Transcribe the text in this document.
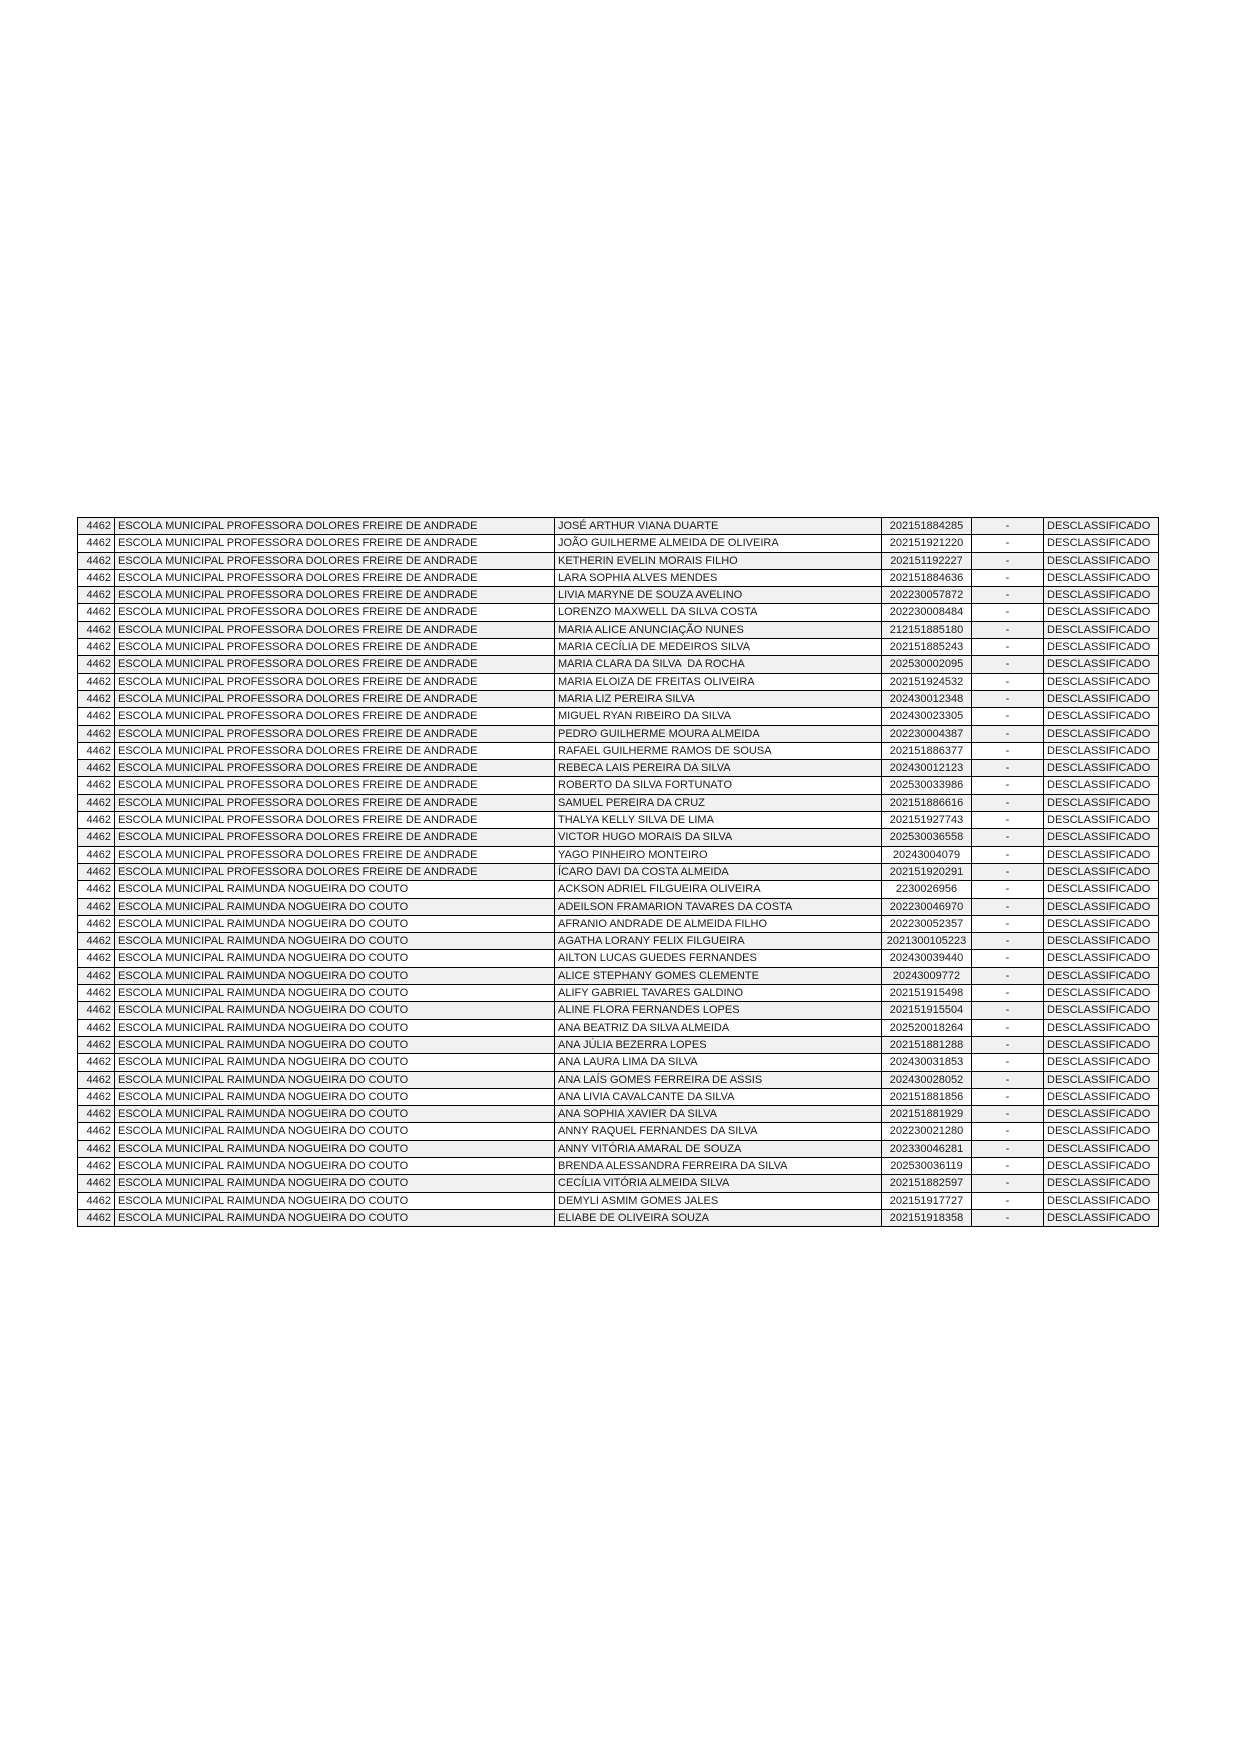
4462	ESCOLA MUNICIPAL PROFESSORA DOLORES FREIRE DE ANDRADE	JOSÉ ARTHUR VIANA DUARTE	202151884285	-	DESCLASSIFICADO
4462	ESCOLA MUNICIPAL PROFESSORA DOLORES FREIRE DE ANDRADE	JOÃO GUILHERME ALMEIDA DE OLIVEIRA	202151921220	-	DESCLASSIFICADO
4462	ESCOLA MUNICIPAL PROFESSORA DOLORES FREIRE DE ANDRADE	KETHERIN EVELIN MORAIS FILHO	202151192227	-	DESCLASSIFICADO
4462	ESCOLA MUNICIPAL PROFESSORA DOLORES FREIRE DE ANDRADE	LARA SOPHIA ALVES MENDES	202151884636	-	DESCLASSIFICADO
4462	ESCOLA MUNICIPAL PROFESSORA DOLORES FREIRE DE ANDRADE	LIVIA MARYNE DE SOUZA AVELINO	202230057872	-	DESCLASSIFICADO
4462	ESCOLA MUNICIPAL PROFESSORA DOLORES FREIRE DE ANDRADE	LORENZO MAXWELL DA SILVA COSTA	202230008484	-	DESCLASSIFICADO
4462	ESCOLA MUNICIPAL PROFESSORA DOLORES FREIRE DE ANDRADE	MARIA ALICE ANUNCIAÇÃO NUNES	212151885180	-	DESCLASSIFICADO
4462	ESCOLA MUNICIPAL PROFESSORA DOLORES FREIRE DE ANDRADE	MARIA CECÍLIA DE MEDEIROS SILVA	202151885243	-	DESCLASSIFICADO
4462	ESCOLA MUNICIPAL PROFESSORA DOLORES FREIRE DE ANDRADE	MARIA CLARA DA SILVA  DA ROCHA	202530002095	-	DESCLASSIFICADO
4462	ESCOLA MUNICIPAL PROFESSORA DOLORES FREIRE DE ANDRADE	MARIA ELOIZA DE FREITAS OLIVEIRA	202151924532	-	DESCLASSIFICADO
4462	ESCOLA MUNICIPAL PROFESSORA DOLORES FREIRE DE ANDRADE	MARIA LIZ PEREIRA SILVA	202430012348	-	DESCLASSIFICADO
4462	ESCOLA MUNICIPAL PROFESSORA DOLORES FREIRE DE ANDRADE	MIGUEL RYAN RIBEIRO DA SILVA	202430023305	-	DESCLASSIFICADO
4462	ESCOLA MUNICIPAL PROFESSORA DOLORES FREIRE DE ANDRADE	PEDRO GUILHERME MOURA ALMEIDA	202230004387	-	DESCLASSIFICADO
4462	ESCOLA MUNICIPAL PROFESSORA DOLORES FREIRE DE ANDRADE	RAFAEL GUILHERME RAMOS DE SOUSA	202151886377	-	DESCLASSIFICADO
4462	ESCOLA MUNICIPAL PROFESSORA DOLORES FREIRE DE ANDRADE	REBECA LAIS PEREIRA DA SILVA	202430012123	-	DESCLASSIFICADO
4462	ESCOLA MUNICIPAL PROFESSORA DOLORES FREIRE DE ANDRADE	ROBERTO DA SILVA FORTUNATO	202530033986	-	DESCLASSIFICADO
4462	ESCOLA MUNICIPAL PROFESSORA DOLORES FREIRE DE ANDRADE	SAMUEL PEREIRA DA CRUZ	202151886616	-	DESCLASSIFICADO
4462	ESCOLA MUNICIPAL PROFESSORA DOLORES FREIRE DE ANDRADE	THALYA KELLY SILVA DE LIMA	202151927743	-	DESCLASSIFICADO
4462	ESCOLA MUNICIPAL PROFESSORA DOLORES FREIRE DE ANDRADE	VICTOR HUGO MORAIS DA SILVA	202530036558	-	DESCLASSIFICADO
4462	ESCOLA MUNICIPAL PROFESSORA DOLORES FREIRE DE ANDRADE	YAGO PINHEIRO MONTEIRO	20243004079	-	DESCLASSIFICADO
4462	ESCOLA MUNICIPAL PROFESSORA DOLORES FREIRE DE ANDRADE	ÍCARO DAVI DA COSTA ALMEIDA	202151920291	-	DESCLASSIFICADO
4462	ESCOLA MUNICIPAL RAIMUNDA NOGUEIRA DO COUTO	ACKSON ADRIEL FILGUEIRA OLIVEIRA	2230026956	-	DESCLASSIFICADO
4462	ESCOLA MUNICIPAL RAIMUNDA NOGUEIRA DO COUTO	ADEILSON FRAMARION TAVARES DA COSTA	202230046970	-	DESCLASSIFICADO
4462	ESCOLA MUNICIPAL RAIMUNDA NOGUEIRA DO COUTO	AFRANIO ANDRADE DE ALMEIDA FILHO	202230052357	-	DESCLASSIFICADO
4462	ESCOLA MUNICIPAL RAIMUNDA NOGUEIRA DO COUTO	AGATHA LORANY FELIX FILGUEIRA	2021300105223	-	DESCLASSIFICADO
4462	ESCOLA MUNICIPAL RAIMUNDA NOGUEIRA DO COUTO	AILTON LUCAS GUEDES FERNANDES	202430039440	-	DESCLASSIFICADO
4462	ESCOLA MUNICIPAL RAIMUNDA NOGUEIRA DO COUTO	ALICE STEPHANY GOMES CLEMENTE	20243009772	-	DESCLASSIFICADO
4462	ESCOLA MUNICIPAL RAIMUNDA NOGUEIRA DO COUTO	ALIFY GABRIEL TAVARES GALDINO	202151915498	-	DESCLASSIFICADO
4462	ESCOLA MUNICIPAL RAIMUNDA NOGUEIRA DO COUTO	ALINE FLORA FERNANDES LOPES	202151915504	-	DESCLASSIFICADO
4462	ESCOLA MUNICIPAL RAIMUNDA NOGUEIRA DO COUTO	ANA BEATRIZ DA SILVA ALMEIDA	202520018264	-	DESCLASSIFICADO
4462	ESCOLA MUNICIPAL RAIMUNDA NOGUEIRA DO COUTO	ANA JÚLIA BEZERRA LOPES	202151881288	-	DESCLASSIFICADO
4462	ESCOLA MUNICIPAL RAIMUNDA NOGUEIRA DO COUTO	ANA LAURA LIMA DA SILVA	202430031853	-	DESCLASSIFICADO
4462	ESCOLA MUNICIPAL RAIMUNDA NOGUEIRA DO COUTO	ANA LAÍS GOMES FERREIRA DE ASSIS	202430028052	-	DESCLASSIFICADO
4462	ESCOLA MUNICIPAL RAIMUNDA NOGUEIRA DO COUTO	ANA LIVIA CAVALCANTE DA SILVA	202151881856	-	DESCLASSIFICADO
4462	ESCOLA MUNICIPAL RAIMUNDA NOGUEIRA DO COUTO	ANA SOPHIA XAVIER DA SILVA	202151881929	-	DESCLASSIFICADO
4462	ESCOLA MUNICIPAL RAIMUNDA NOGUEIRA DO COUTO	ANNY RAQUEL FERNANDES DA SILVA	202230021280	-	DESCLASSIFICADO
4462	ESCOLA MUNICIPAL RAIMUNDA NOGUEIRA DO COUTO	ANNY VITÓRIA AMARAL DE SOUZA	202330046281	-	DESCLASSIFICADO
4462	ESCOLA MUNICIPAL RAIMUNDA NOGUEIRA DO COUTO	BRENDA ALESSANDRA FERREIRA DA SILVA	202530036119	-	DESCLASSIFICADO
4462	ESCOLA MUNICIPAL RAIMUNDA NOGUEIRA DO COUTO	CECÍLIA VITÓRIA ALMEIDA SILVA	202151882597	-	DESCLASSIFICADO
4462	ESCOLA MUNICIPAL RAIMUNDA NOGUEIRA DO COUTO	DEMYLI ASMIM GOMES JALES	202151917727	-	DESCLASSIFICADO
4462	ESCOLA MUNICIPAL RAIMUNDA NOGUEIRA DO COUTO	ELIABE DE OLIVEIRA SOUZA	202151918358	-	DESCLASSIFICADO
